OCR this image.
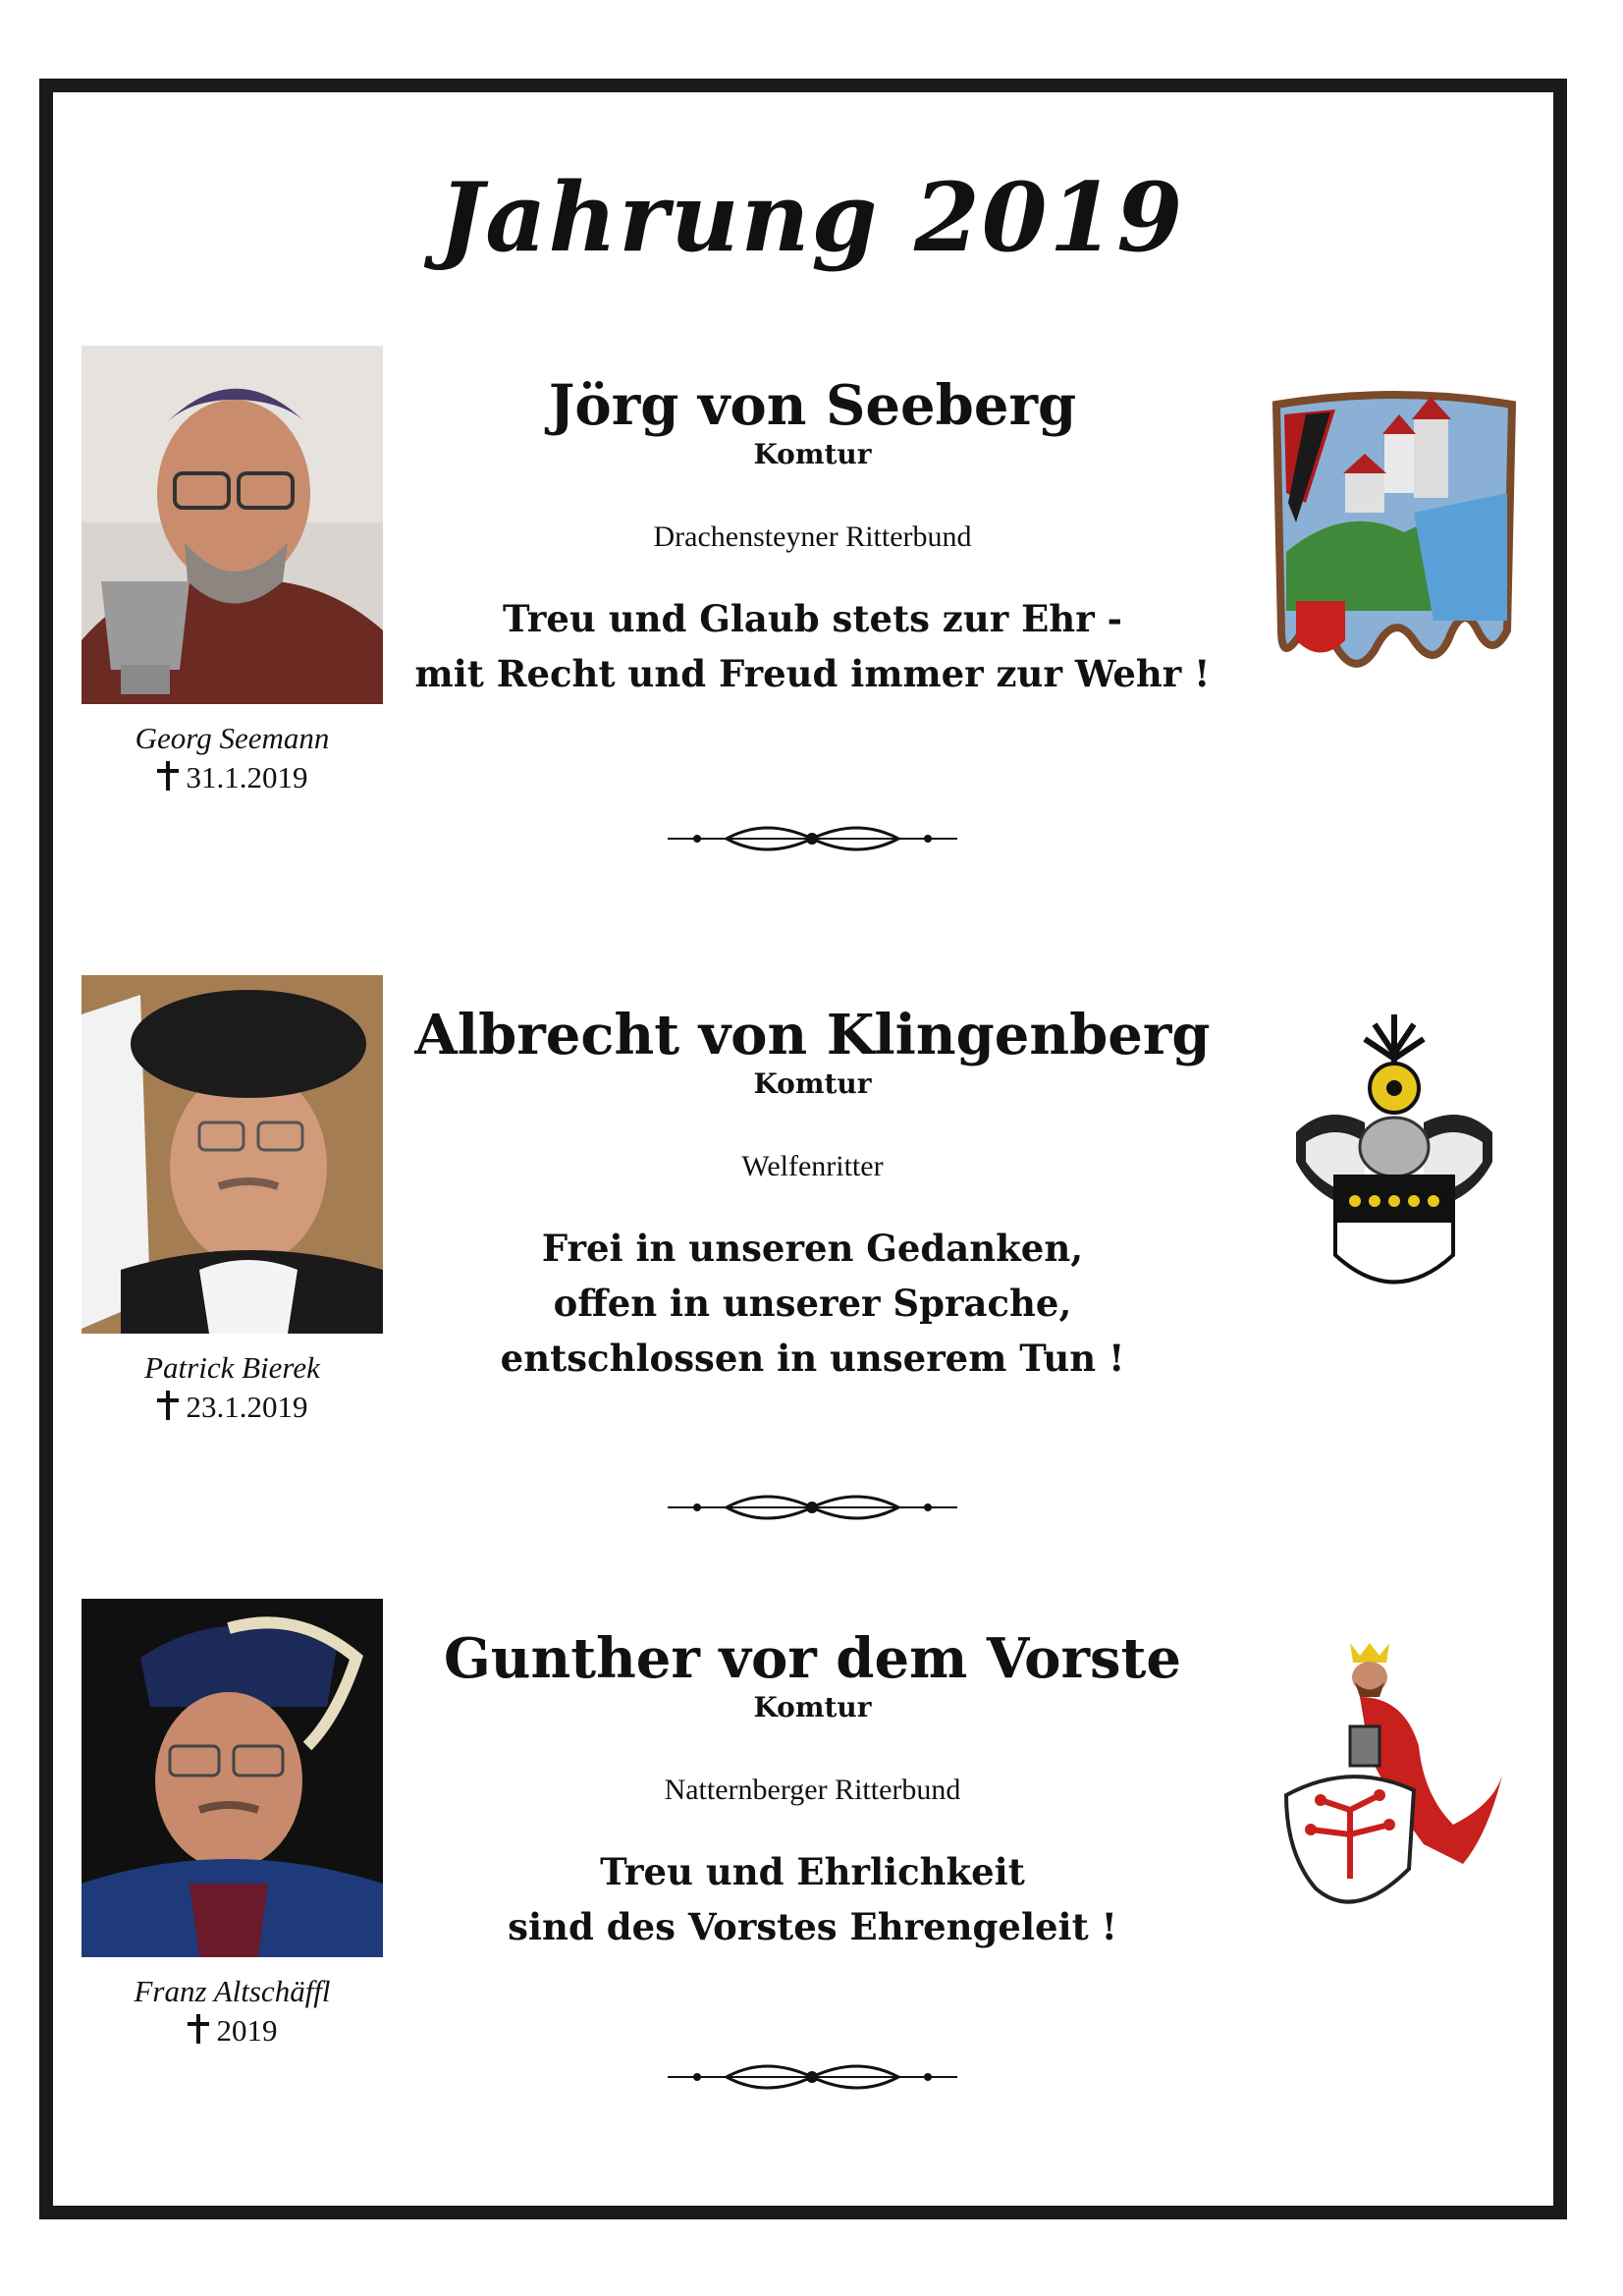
Jahrung 2019
Georg Seemann
31.1.2019
Jörg von Seeberg
Komtur
Drachensteyner Ritterbund
Treu und Glaub stets zur Ehr -
mit Recht und Freud immer zur Wehr !
Patrick Bierek
23.1.2019
Albrecht von Klingenberg
Komtur
Welfenritter
Frei in unseren Gedanken,
offen in unserer Sprache,
entschlossen in unserem Tun !
Franz Altschäffl
2019
Gunther vor dem Vorste
Komtur
Natternberger Ritterbund
Treu und Ehrlichkeit
sind des Vorstes Ehrengeleit !
